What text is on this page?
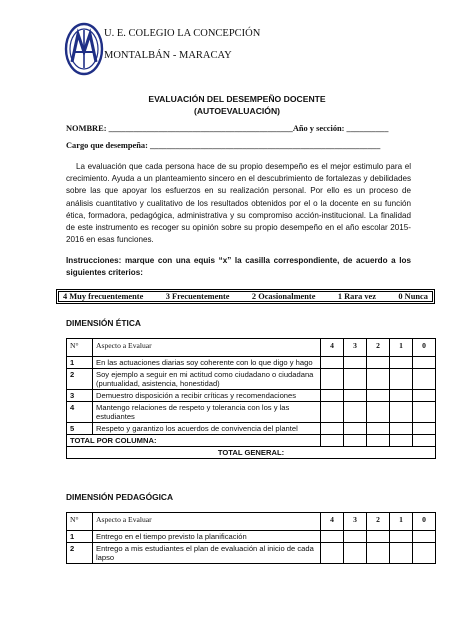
U. E. COLEGIO LA CONCEPCIÓN
MONTALBÁN - MARACAY
EVALUACIÓN DEL DESEMPEÑO DOCENTE
(AUTOEVALUACIÓN)
NOMBRE: ____________________________________________Año y sección: __________
Cargo que desempeña: _______________________________________________________
La evaluación que cada persona hace de su propio desempeño es el mejor estimulo para el crecimiento. Ayuda a un planteamiento sincero en el descubrimiento de fortalezas y debilidades sobre las que apoyar los esfuerzos en su realización personal. Por ello es un proceso de análisis cuantitativo y cualitativo de los resultados obtenidos por el o la docente en su función ética, formadora, pedagógica, administrativa y su compromiso acción-institucional. La finalidad de este instrumento es recoger su opinión sobre su propio desempeño en el año escolar 2015-2016 en esas funciones.
Instrucciones: marque con una equis “x” la casilla correspondiente, de acuerdo a los siguientes criterios:
4 Muy frecuentemente	3 Frecuentemente	2 Ocasionalmente	1 Rara vez	0 Nunca
DIMENSIÓN ÉTICA
N°	Aspecto a Evaluar	4	3	2	1	0
1	En las actuaciones diarias soy coherente con lo que digo y hago					
2	Soy ejemplo a seguir en mi actitud como ciudadano o ciudadana (puntualidad, asistencia, honestidad)					
3	Demuestro disposición a recibir críticas y recomendaciones					
4	Mantengo relaciones de respeto y tolerancia con los y las estudiantes					
5	Respeto y garantizo los acuerdos de convivencia del plantel					
TOTAL POR COLUMNA:						
TOTAL GENERAL:						
DIMENSIÓN PEDAGÓGICA
N°	Aspecto a Evaluar	4	3	2	1	0
1	Entrego en el tiempo previsto la planificación					
2	Entrego a mis estudiantes el plan de evaluación al inicio de cada lapso					
